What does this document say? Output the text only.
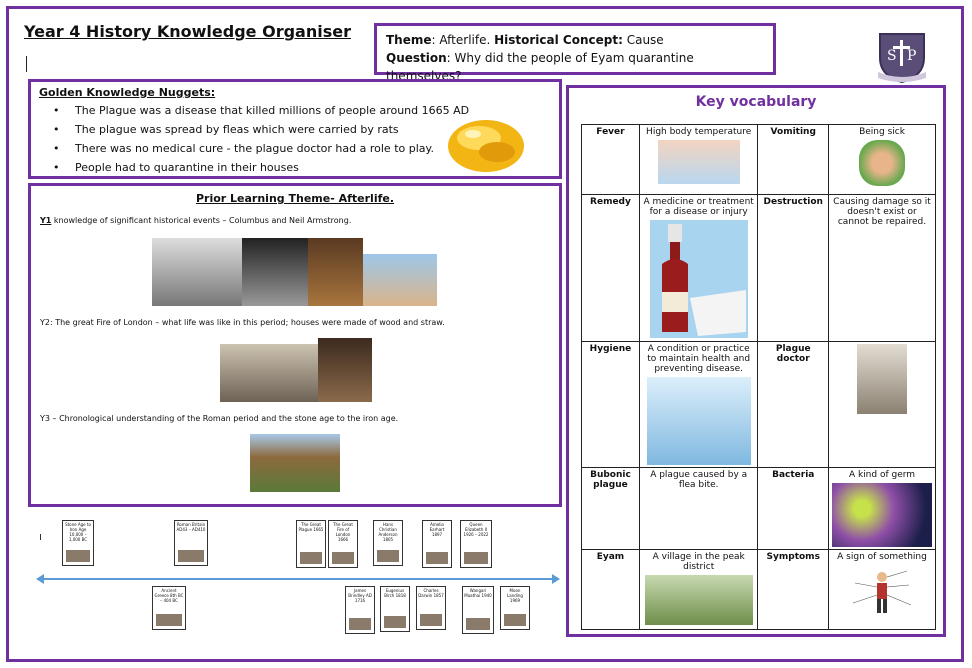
Year 4 History Knowledge Organiser	Theme: Afterlife. Historical Concept: Cause
Question: Why did the people of Eyam quarantine themselves?
S P
Golden Knowledge Nuggets:
• The Plague was a disease that killed millions of people around 1665 AD
• The plague was spread by fleas which were carried by rats
• There was no medical cure - the plague doctor had a role to play.
• People had to quarantine in their houses
Prior Learning Theme- Afterlife.
Y1 knowledge of significant historical events – Columbus and Neil Armstrong.
Y2: The great Fire of London – what life was like in this period; houses were made of wood and straw.
Y3 – Chronological understanding of the Roman period and the stone age to the iron age.
Key vocabulary
Fever	High body temperature	Vomiting	Being sick

Remedy	A medicine or treatment for a disease or injury	Destruction	Causing damage so it doesn't exist or cannot be repaired.
Hygiene	A condition or practice to maintain health and preventing disease.	Plague doctor	

Bubonic plague	A plague caused by a flea bite.	Bacteria	A kind of germ

Eyam	A village in the peak district	Symptoms	A sign of something
Stone Age to Iron Age 10,000 – 1,000 BC
Roman Britain AD43 – AD410
The Great Plague 1665
The Great Fire of London 1666
Hans Christian Anderson 1805
Amelia Earhart 1897
Queen Elizabeth II 1926 – 2022
Ancient Greece 8th BC – 404 BC
James Brindley AD 1716
Eugenius Birch 1818
Charles Darwin 1857
Wangari Maathai 1940
Moon Landing 1969
